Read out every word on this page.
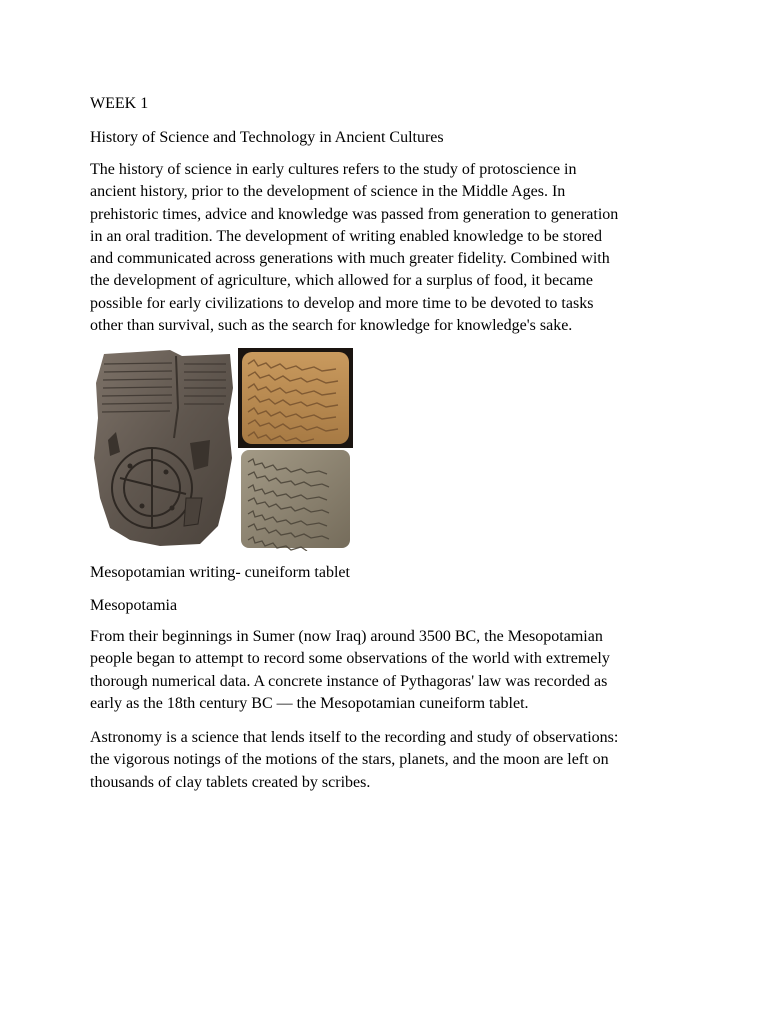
WEEK 1

History of Science and Technology in Ancient Cultures

The history of science in early cultures refers to the study of protoscience in
ancient history, prior to the development of science in the Middle Ages. In
prehistoric times, advice and knowledge was passed from generation to generation
in an oral tradition. The development of writing enabled knowledge to be stored
and communicated across generations with much greater fidelity. Combined with
the development of agriculture, which allowed for a surplus of food, it became
possible for early civilizations to develop and more time to be devoted to tasks
other than survival, such as the search for knowledge for knowledge's sake.

Mesopotamian writing- cuneiform tablet

Mesopotamia

From their beginnings in Sumer (now Iraq) around 3500 BC, the Mesopotamian
people began to attempt to record some observations of the world with extremely
thorough numerical data. A concrete instance of Pythagoras' law was recorded as
early as the 18th century BC — the Mesopotamian cuneiform tablet.

Astronomy is a science that lends itself to the recording and study of observations:
the vigorous notings of the motions of the stars, planets, and the moon are left on
thousands of clay tablets created by scribes.
